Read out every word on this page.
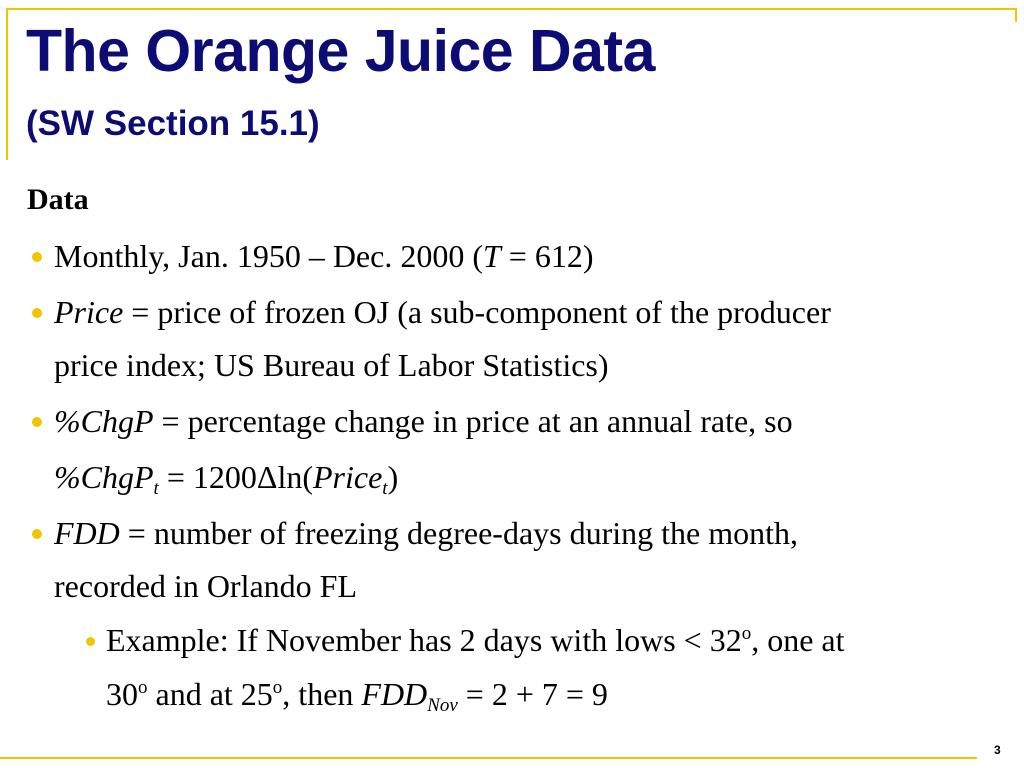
The Orange Juice Data
(SW Section 15.1)
Data
Monthly, Jan. 1950 – Dec. 2000 (T = 612)
Price = price of frozen OJ (a sub-component of the producer
price index; US Bureau of Labor Statistics)
%ChgP = percentage change in price at an annual rate, so
%ChgP$_t$ = 1200Δln(Price$_t$)
FDD = number of freezing degree-days during the month,
recorded in Orlando FL
Example: If November has 2 days with lows < $32^o$, one at
30$^o$ and at 25$^o$, then $FDD_{Nov} = 2 + 7 = 9$
3
